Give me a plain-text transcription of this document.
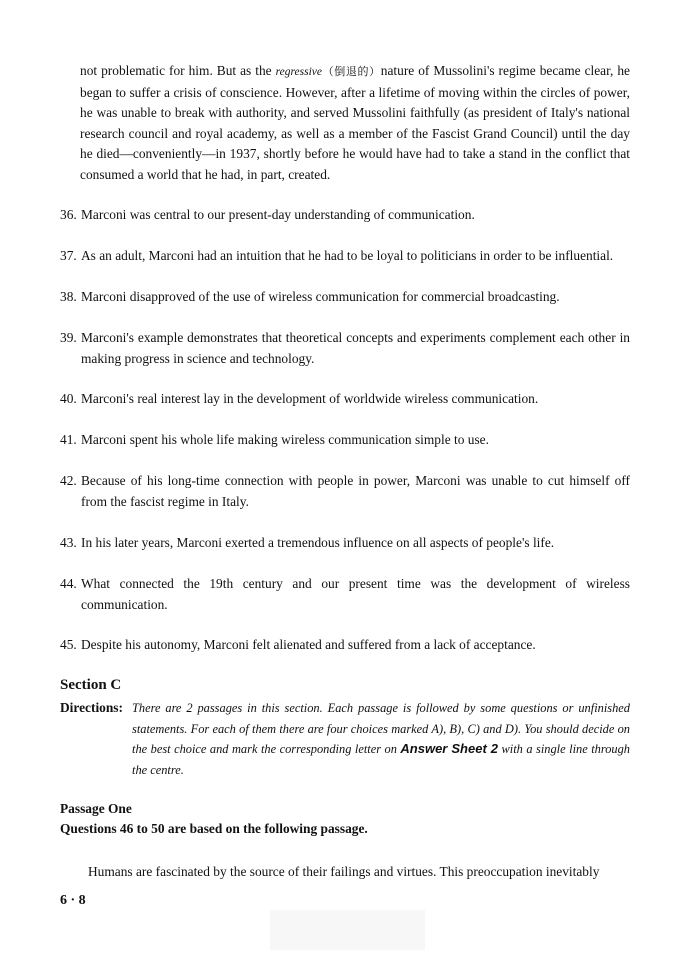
not problematic for him. But as the regressive（倒退的）nature of Mussolini's regime became clear, he began to suffer a crisis of conscience. However, after a lifetime of moving within the circles of power, he was unable to break with authority, and served Mussolini faithfully (as president of Italy's national research council and royal academy, as well as a member of the Fascist Grand Council) until the day he died—conveniently—in 1937, shortly before he would have had to take a stand in the conflict that consumed a world that he had, in part, created.
36. Marconi was central to our present-day understanding of communication.
37. As an adult, Marconi had an intuition that he had to be loyal to politicians in order to be influential.
38. Marconi disapproved of the use of wireless communication for commercial broadcasting.
39. Marconi's example demonstrates that theoretical concepts and experiments complement each other in making progress in science and technology.
40. Marconi's real interest lay in the development of worldwide wireless communication.
41. Marconi spent his whole life making wireless communication simple to use.
42. Because of his long-time connection with people in power, Marconi was unable to cut himself off from the fascist regime in Italy.
43. In his later years, Marconi exerted a tremendous influence on all aspects of people's life.
44. What connected the 19th century and our present time was the development of wireless communication.
45. Despite his autonomy, Marconi felt alienated and suffered from a lack of acceptance.
Section C
Directions: There are 2 passages in this section. Each passage is followed by some questions or unfinished statements. For each of them there are four choices marked A), B), C) and D). You should decide on the best choice and mark the corresponding letter on Answer Sheet 2 with a single line through the centre.
Passage One
Questions 46 to 50 are based on the following passage.
Humans are fascinated by the source of their failings and virtues. This preoccupation inevitably
6 · 8
